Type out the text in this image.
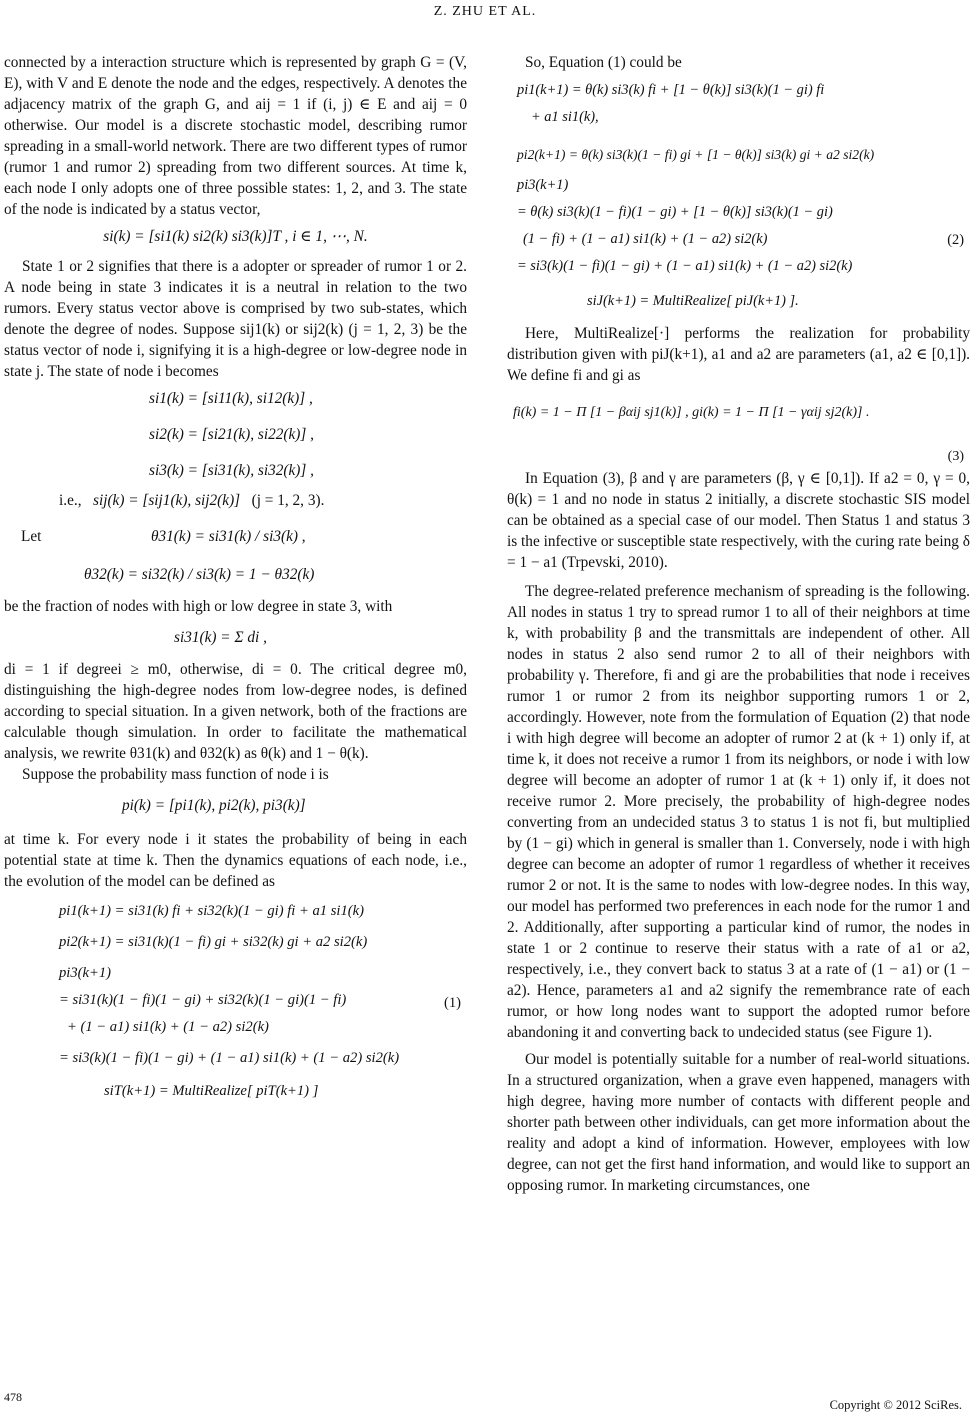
Z. ZHU ET AL.

connected by a interaction structure which is represented by graph G = (V, E), with V and E denote the node and the edges, respectively. A denotes the adjacency matrix of the graph G, and aij = 1 if (i, j) ∈ E and aij = 0 otherwise. Our model is a discrete stochastic model, describing rumor spreading in a small-world network. There are two different types of rumor (rumor 1 and rumor 2) spreading from two different sources. At time k, each node I only adopts one of three possible states: 1, 2, and 3. The state of the node is indicated by a status vector,

si(k) = [si1(k) si2(k) si3(k)]T , i ∈ 1, ⋯, N.

State 1 or 2 signifies that there is a adopter or spreader of rumor 1 or 2. A node being in state 3 indicates it is a neutral in relation to the two rumors. Every status vector above is comprised by two sub-states, which denote the degree of nodes. Suppose sij1(k) or sij2(k) (j = 1, 2, 3) be the status vector of node i, signifying it is a high-degree or low-degree node in state j. The state of node i becomes

si1(k) = [si11(k), si12(k)] ,
si2(k) = [si21(k), si22(k)] ,
si3(k) = [si31(k), si32(k)] ,
i.e., sij(k) = [sij1(k), sij2(k)] (j = 1, 2, 3).
Let	θ31(k) = si31(k) / si3(k) ,
θ32(k) = si32(k) / si3(k) = 1 − θ32(k)

be the fraction of nodes with high or low degree in state 3, with

si31(k) = Σ di ,

di = 1 if degreei ≥ m0, otherwise, di = 0. The critical degree m0, distinguishing the high-degree nodes from low-degree nodes, is defined according to special situation. In a given network, both of the fractions are calculable though simulation. In order to facilitate the mathematical analysis, we rewrite θ31(k) and θ32(k) as θ(k) and 1 − θ(k).

Suppose the probability mass function of node i is

pi(k) = [pi1(k), pi2(k), pi3(k)]

at time k. For every node i it states the probability of being in each potential state at time k. Then the dynamics equations of each node, i.e., the evolution of the model can be defined as

pi1(k+1) = si31(k) fi + si32(k)(1 − gi) fi + a1 si1(k)
pi2(k+1) = si31(k)(1 − fi) gi + si32(k) gi + a2 si2(k)
pi3(k+1)
= si31(k)(1 − fi)(1 − gi) + si32(k)(1 − gi)(1 − fi)
+ (1 − a1) si1(k) + (1 − a2) si2(k)
= si3(k)(1 − fi)(1 − gi) + (1 − a1) si1(k) + (1 − a2) si2(k)
siT(k+1) = MultiRealize[ piT(k+1) ]
(1)

So, Equation (1) could be

pi1(k+1) = θ(k) si3(k) fi + [1 − θ(k)] si3(k)(1 − gi) fi
+ a1 si1(k),
pi2(k+1) = θ(k) si3(k)(1 − fi) gi + [1 − θ(k)] si3(k) gi + a2 si2(k)
pi3(k+1)
= θ(k) si3(k)(1 − fi)(1 − gi) + [1 − θ(k)] si3(k)(1 − gi)
(1 − fi) + (1 − a1) si1(k) + (1 − a2) si2(k)
= si3(k)(1 − fi)(1 − gi) + (1 − a1) si1(k) + (1 − a2) si2(k)
siJ(k+1) = MultiRealize[ piJ(k+1) ].
(2)

Here, MultiRealize[·] performs the realization for probability distribution given with piJ(k+1), a1 and a2 are parameters (a1, a2 ∈ [0,1]). We define fi and gi as

fi(k) = 1 − Π [1 − βαij sj1(k)] , gi(k) = 1 − Π [1 − γαij sj2(k)] .
(3)

In Equation (3), β and γ are parameters (β, γ ∈ [0,1]). If a2 = 0, γ = 0, θ(k) = 1 and no node in status 2 initially, a discrete stochastic SIS model can be obtained as a special case of our model. Then Status 1 and status 3 is the infective or susceptible state respectively, with the curing rate being δ = 1 − a1 (Trpevski, 2010).

The degree-related preference mechanism of spreading is the following. All nodes in status 1 try to spread rumor 1 to all of their neighbors at time k, with probability β and the transmittals are independent of other. All nodes in status 2 also send rumor 2 to all of their neighbors with probability γ. Therefore, fi and gi are the probabilities that node i receives rumor 1 or rumor 2 from its neighbor supporting rumors 1 or 2, accordingly. However, note from the formulation of Equation (2) that node i with high degree will become an adopter of rumor 2 at (k + 1) only if, at time k, it does not receive a rumor 1 from its neighbors, or node i with low degree will become an adopter of rumor 1 at (k + 1) only if, it does not receive rumor 2. More precisely, the probability of high-degree nodes converting from an undecided status 3 to status 1 is not fi, but multiplied by (1 − gi) which in general is smaller than 1. Conversely, node i with high degree can become an adopter of rumor 1 regardless of whether it receives rumor 2 or not. It is the same to nodes with low-degree nodes. In this way, our model has performed two preferences in each node for the rumor 1 and 2. Additionally, after supporting a particular kind of rumor, the nodes in state 1 or 2 continue to reserve their status with a rate of a1 or a2, respectively, i.e., they convert back to status 3 at a rate of (1 − a1) or (1 − a2). Hence, parameters a1 and a2 signify the remembrance rate of each rumor, or how long nodes want to support the adopted rumor before abandoning it and converting back to undecided status (see Figure 1).

Our model is potentially suitable for a number of real-world situations. In a structured organization, when a grave even happened, managers with high degree, having more number of contacts with different people and shorter path between other individuals, can get more information about the reality and adopt a kind of information. However, employees with low degree, can not get the first hand information, and would like to support an opposing rumor. In marketing circumstances, one

478
Copyright © 2012 SciRes.
